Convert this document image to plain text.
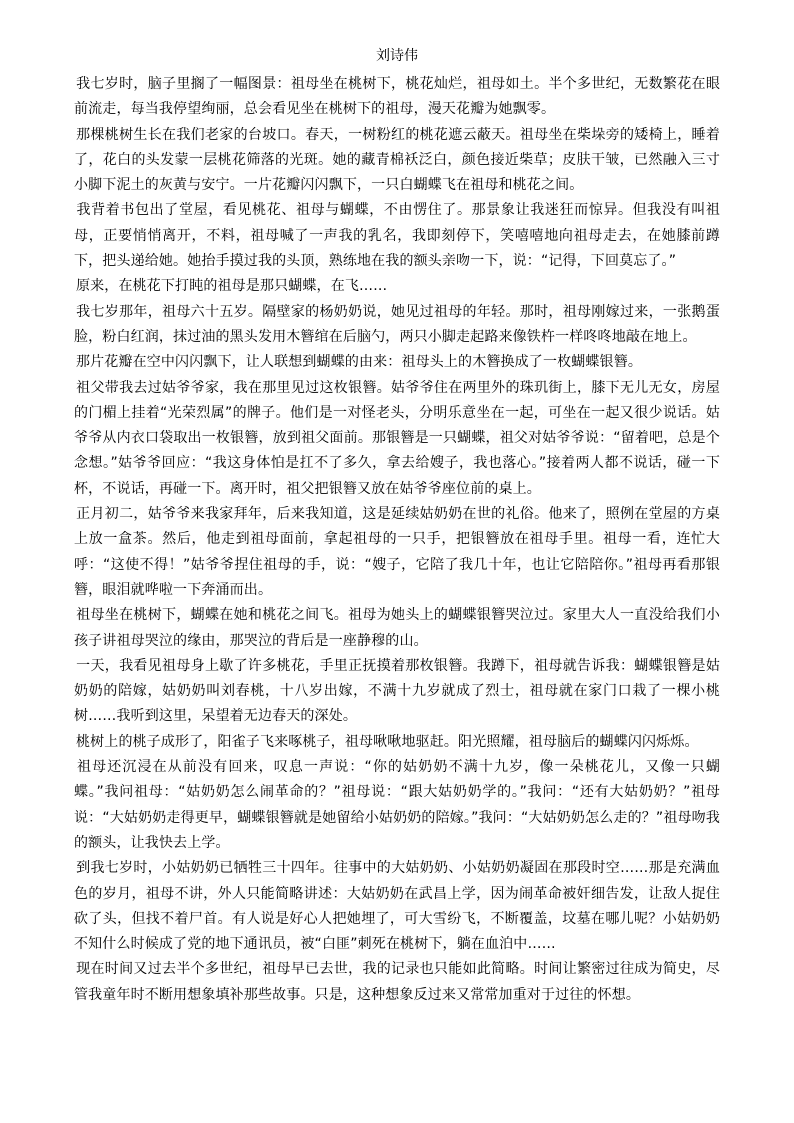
刘诗伟

　　我七岁时，脑子里搁了一幅图景：祖母坐在桃树下，桃花灿烂，祖母如土。半个多世纪，无数繁花在眼前流走，每当我停望绚丽，总会看见坐在桃树下的祖母，漫天花瓣为她飘零。

　　那棵桃树生长在我们老家的台坡口。春天，一树粉红的桃花遮云蔽天。祖母坐在柴垛旁的矮椅上，睡着了，花白的头发蒙一层桃花筛落的光斑。她的藏青棉袄泛白，颜色接近柴草；皮肤干皱，已然融入三寸小脚下泥土的灰黄与安宁。一片花瓣闪闪飘下，一只白蝴蝶飞在祖母和桃花之间。

　　我背着书包出了堂屋，看见桃花、祖母与蝴蝶，不由愣住了。那景象让我迷狂而惊异。但我没有叫祖母，正要悄悄离开，不料，祖母喊了一声我的乳名，我即刻停下，笑嘻嘻地向祖母走去，在她膝前蹲下，把头递给她。她抬手摸过我的头顶，熟练地在我的额头亲吻一下，说：“记得，下回莫忘了。”

　　原来，在桃花下打盹的祖母是那只蝴蝶，在飞……

　　我七岁那年，祖母六十五岁。隔壁家的杨奶奶说，她见过祖母的年轻。那时，祖母刚嫁过来，一张鹅蛋脸，粉白红润，抹过油的黑头发用木簪绾在后脑勺，两只小脚走起路来像铁杵一样咚咚地敲在地上。

　　那片花瓣在空中闪闪飘下，让人联想到蝴蝶的由来：祖母头上的木簪换成了一枚蝴蝶银簪。

　　祖父带我去过姑爷爷家，我在那里见过这枚银簪。姑爷爷住在两里外的珠玑街上，膝下无儿无女，房屋的门楣上挂着“光荣烈属”的牌子。他们是一对怪老头，分明乐意坐在一起，可坐在一起又很少说话。姑爷爷从内衣口袋取出一枚银簪，放到祖父面前。那银簪是一只蝴蝶，祖父对姑爷爷说：“留着吧，总是个念想。”姑爷爷回应：“我这身体怕是扛不了多久，拿去给嫂子，我也落心。”接着两人都不说话，碰一下杯，不说话，再碰一下。离开时，祖父把银簪又放在姑爷爷座位前的桌上。

　　正月初二，姑爷爷来我家拜年，后来我知道，这是延续姑奶奶在世的礼俗。他来了，照例在堂屋的方桌上放一盒茶。然后，他走到祖母面前，拿起祖母的一只手，把银簪放在祖母手里。祖母一看，连忙大呼：“这使不得！”姑爷爷捏住祖母的手，说：“嫂子，它陪了我几十年，也让它陪陪你。”祖母再看那银簪，眼泪就哗啦一下奔涌而出。

　　祖母坐在桃树下，蝴蝶在她和桃花之间飞。祖母为她头上的蝴蝶银簪哭泣过。家里大人一直没给我们小孩子讲祖母哭泣的缘由，那哭泣的背后是一座静穆的山。

　　一天，我看见祖母身上歇了许多桃花，手里正抚摸着那枚银簪。我蹲下，祖母就告诉我：蝴蝶银簪是姑奶奶的陪嫁，姑奶奶叫刘春桃，十八岁出嫁，不满十九岁就成了烈士，祖母就在家门口栽了一棵小桃树……我听到这里，呆望着无边春天的深处。

　　桃树上的桃子成形了，阳雀子飞来啄桃子，祖母啾啾地驱赶。阳光照耀，祖母脑后的蝴蝶闪闪烁烁。

　　祖母还沉浸在从前没有回来，叹息一声说：“你的姑奶奶不满十九岁，像一朵桃花儿，又像一只蝴蝶。”我问祖母：“姑奶奶怎么闹革命的？”祖母说：“跟大姑奶奶学的。”我问：“还有大姑奶奶？”祖母说：“大姑奶奶走得更早，蝴蝶银簪就是她留给小姑奶奶的陪嫁。”我问：“大姑奶奶怎么走的？”祖母吻我的额头，让我快去上学。

　　到我七岁时，小姑奶奶已牺牲三十四年。往事中的大姑奶奶、小姑奶奶凝固在那段时空……那是充满血色的岁月，祖母不讲，外人只能简略讲述：大姑奶奶在武昌上学，因为闹革命被奸细告发，让敌人捉住砍了头，但找不着尸首。有人说是好心人把她埋了，可大雪纷飞，不断覆盖，坟墓在哪儿呢？小姑奶奶不知什么时候成了党的地下通讯员，被“白匪”刺死在桃树下，躺在血泊中……

　　现在时间又过去半个多世纪，祖母早已去世，我的记录也只能如此简略。时间让繁密过往成为简史，尽管我童年时不断用想象填补那些故事。只是，这种想象反过来又常常加重对于过往的怀想。
